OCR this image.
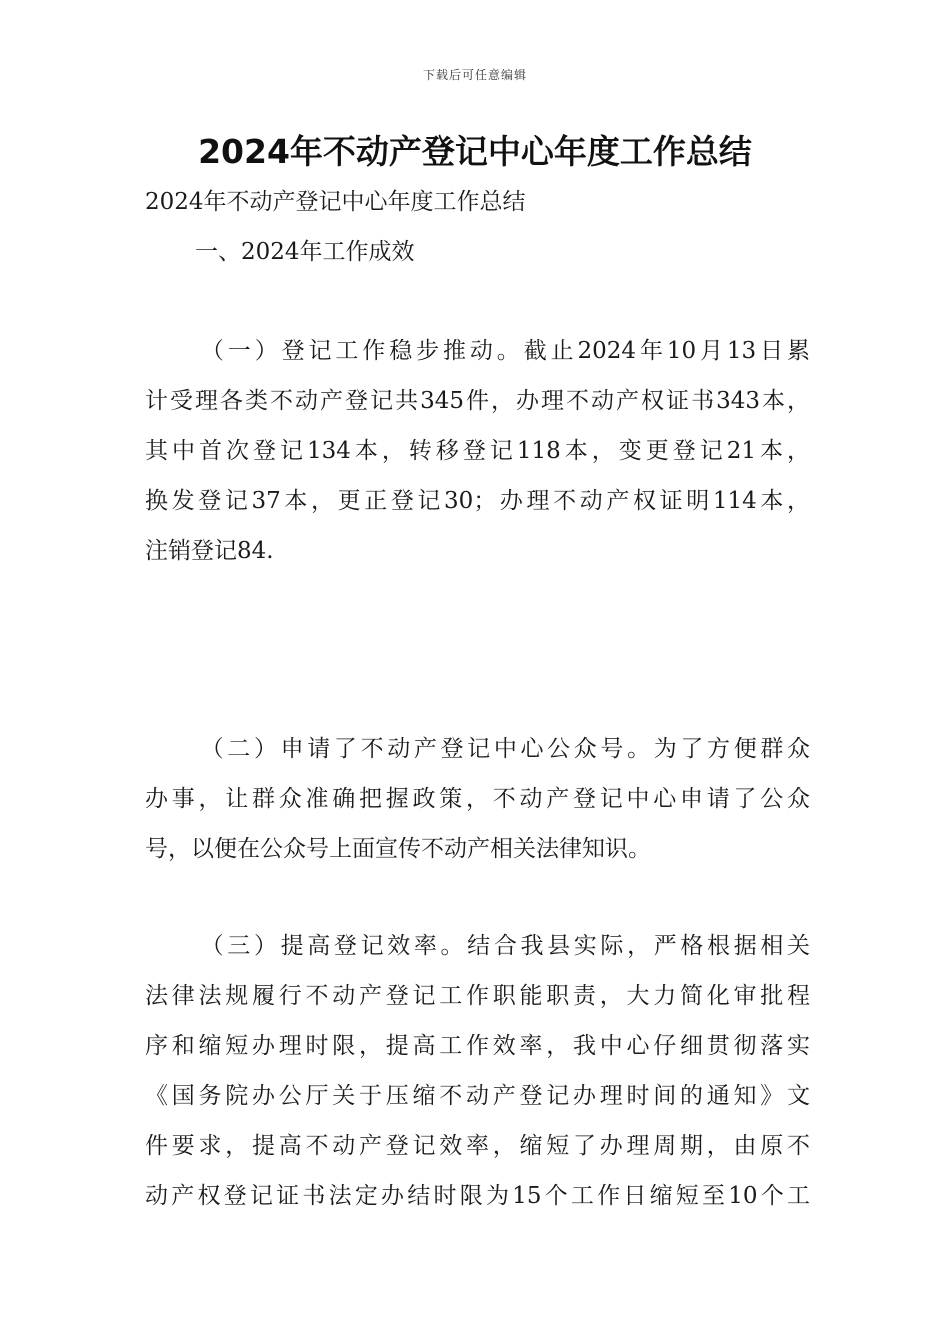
下载后可任意编辑
2024年不动产登记中心年度工作总结

2024年不动产登记中心年度工作总结

一、2024年工作成效

（一）登记工作稳步推动。截止2024年10月13日累
计受理各类不动产登记共345件，办理不动产权证书343本，
其中首次登记134本，转移登记118本，变更登记21本，
换发登记37本，更正登记30；办理不动产权证明114本，
注销登记84.

（二）申请了不动产登记中心公众号。为了方便群众
办事，让群众准确把握政策，不动产登记中心申请了公众
号，以便在公众号上面宣传不动产相关法律知识。

（三）提高登记效率。结合我县实际，严格根据相关
法律法规履行不动产登记工作职能职责，大力简化审批程
序和缩短办理时限，提高工作效率，我中心仔细贯彻落实
《国务院办公厅关于压缩不动产登记办理时间的通知》文
件要求，提高不动产登记效率，缩短了办理周期，由原不
动产权登记证书法定办结时限为15个工作日缩短至10个工
